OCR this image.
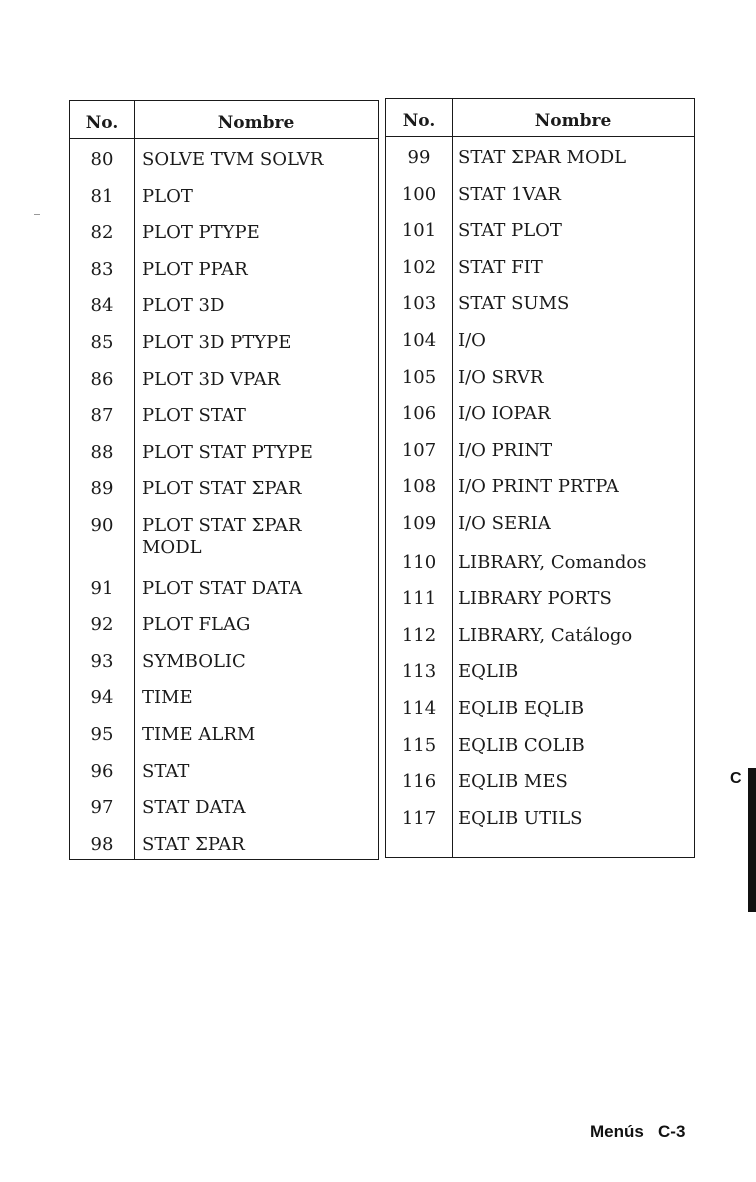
No.	Nombre
80	SOLVE TVM SOLVR
81	PLOT
82	PLOT PTYPE
83	PLOT PPAR
84	PLOT 3D
85	PLOT 3D PTYPE
86	PLOT 3D VPAR
87	PLOT STAT
88	PLOT STAT PTYPE
89	PLOT STAT ΣPAR
90	PLOT STAT ΣPAR
MODL
91	PLOT STAT DATA
92	PLOT FLAG
93	SYMBOLIC
94	TIME
95	TIME ALRM
96	STAT
97	STAT DATA
98	STAT ΣPAR
No.	Nombre
99	STAT ΣPAR MODL
100	STAT 1VAR
101	STAT PLOT
102	STAT FIT
103	STAT SUMS
104	I/O
105	I/O SRVR
106	I/O IOPAR
107	I/O PRINT
108	I/O PRINT PRTPA
109	I/O SERIA
110	LIBRARY, Comandos
111	LIBRARY PORTS
112	LIBRARY, Catálogo
113	EQLIB
114	EQLIB EQLIB
115	EQLIB COLIB
116	EQLIB MES
117	EQLIB UTILS
C
Menús   C-3
